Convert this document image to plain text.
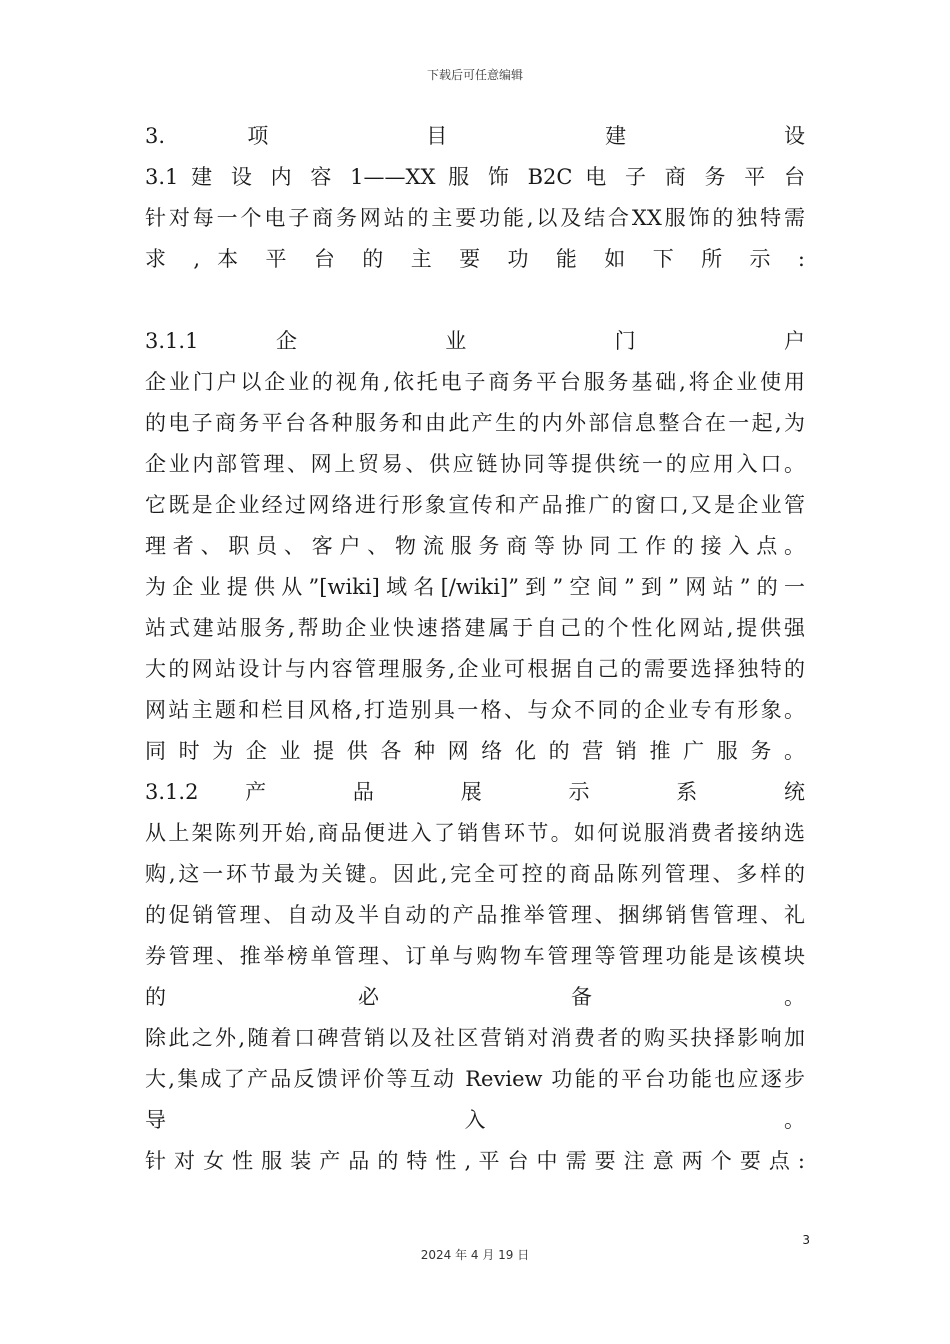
下载后可任意编辑
3. 项 目 建 设
3.1 建 设 内 容 1——XX 服 饰 B2C 电 子 商 务 平 台
针对每一个电子商务网站的主要功能,以及结合XX服饰的独特需
求 , 本 平 台 的 主 要 功 能 如 下 所 示 :
3.1.1 企 业 门 户
企业门户以企业的视角,依托电子商务平台服务基础,将企业使用
的电子商务平台各种服务和由此产生的内外部信息整合在一起,为
企业内部管理、网上贸易、供应链协同等提供统一的应用入口。
它既是企业经过网络进行形象宣传和产品推广的窗口,又是企业管
理 者 、 职 员 、 客 户 、 物 流 服 务 商 等 协 同 工 作 的 接 入 点 。
为企业提供从”[wiki]域名[/wiki]”到”空间”到”网站”的一
站式建站服务,帮助企业快速搭建属于自己的个性化网站,提供强
大的网站设计与内容管理服务,企业可根据自己的需要选择独特的
网站主题和栏目风格,打造别具一格、与众不同的企业专有形象。
同 时 为 企 业 提 供 各 种 网 络 化 的 营 销 推 广 服 务 。
3.1.2 产 品 展 示 系 统
从上架陈列开始,商品便进入了销售环节。如何说服消费者接纳选
购,这一环节最为关键。因此,完全可控的商品陈列管理、多样的
的促销管理、自动及半自动的产品推举管理、捆绑销售管理、礼
券管理、推举榜单管理、订单与购物车管理等管理功能是该模块
的 必 备 。
除此之外,随着口碑营销以及社区营销对消费者的购买抉择影响加
大,集成了产品反馈评价等互动 Review 功能的平台功能也应逐步
导 入 。
针 对 女 性 服 装 产 品 的 特 性 , 平 台 中 需 要 注 意 两 个 要 点 :
3
2024 年 4 月 19 日
